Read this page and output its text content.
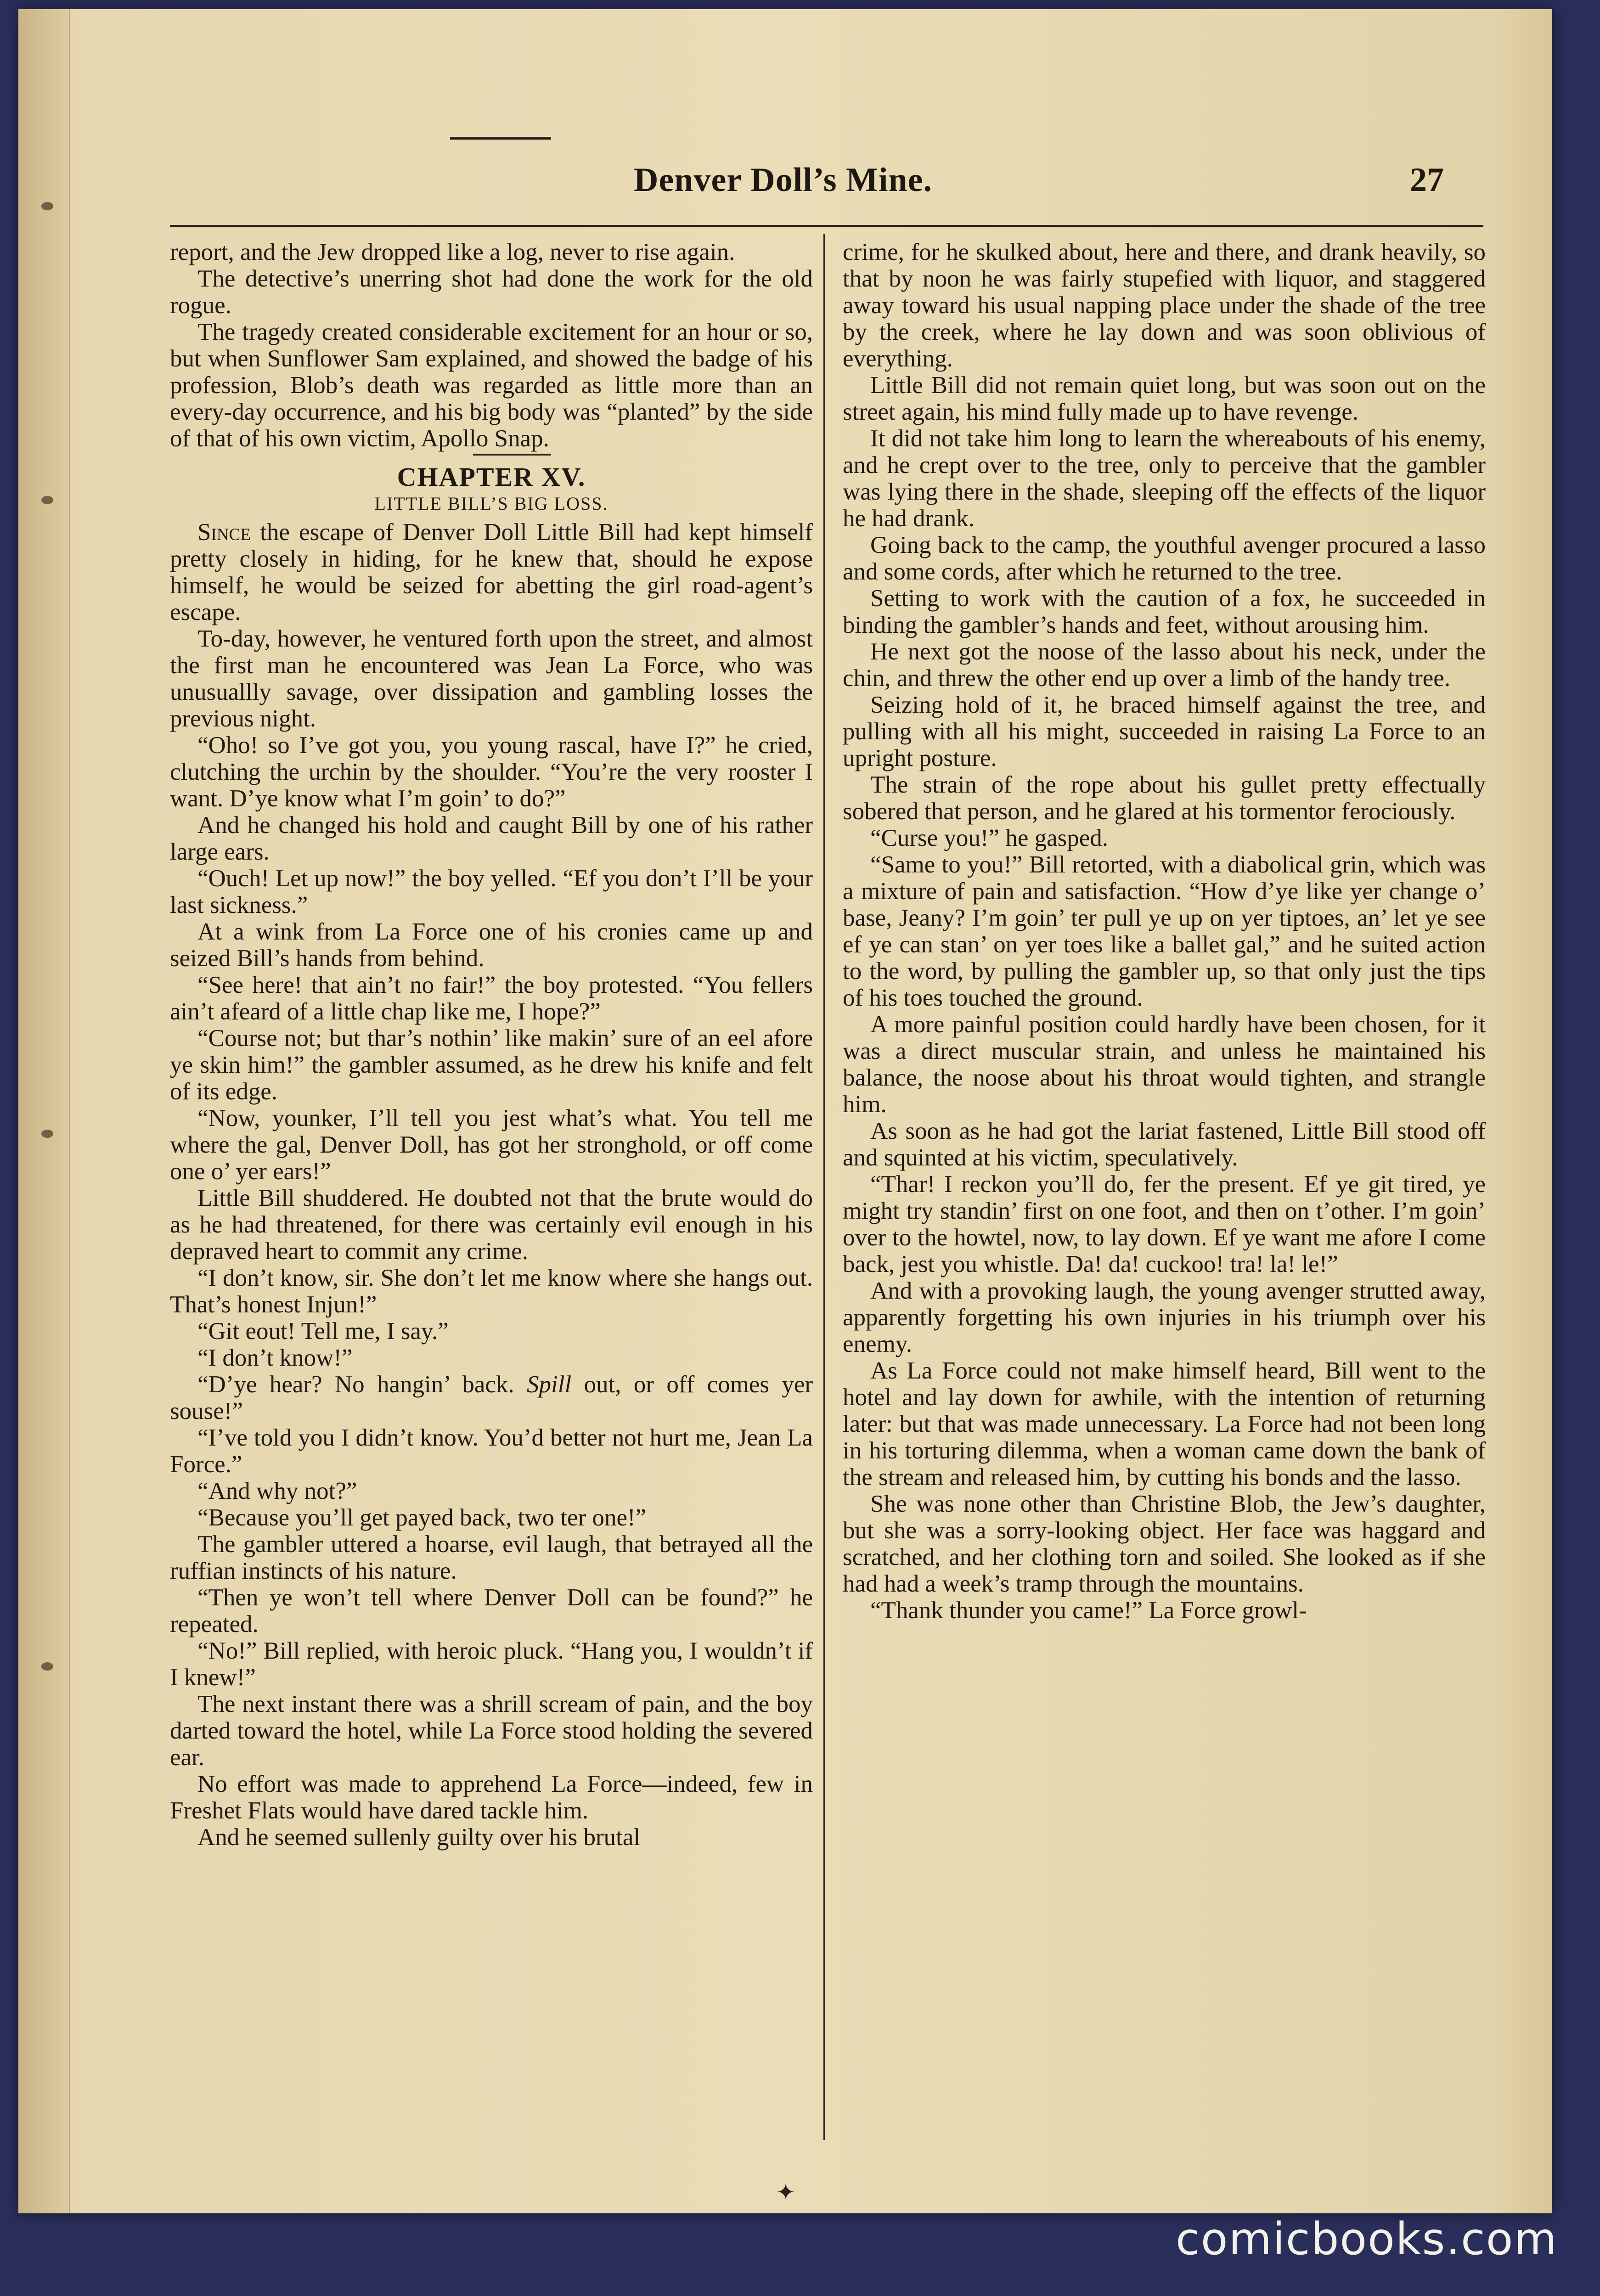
Denver Doll’s Mine.	27

report, and the Jew dropped like a log, never to rise again.

The detective’s unerring shot had done the work for the old rogue.

The tragedy created considerable excitement for an hour or so, but when Sunflower Sam explained, and showed the badge of his profession, Blob’s death was regarded as little more than an every-day occurrence, and his big body was “planted” by the side of that of his own victim, Apollo Snap.

CHAPTER XV.
LITTLE BILL’S BIG LOSS.

Since the escape of Denver Doll Little Bill had kept himself pretty closely in hiding, for he knew that, should he expose himself, he would be seized for abetting the girl road-agent’s escape.

To-day, however, he ventured forth upon the street, and almost the first man he encountered was Jean La Force, who was unusuallly savage, over dissipation and gambling losses the previous night.

“Oho! so I’ve got you, you young rascal, have I?” he cried, clutching the urchin by the shoulder. “You’re the very rooster I want. D’ye know what I’m goin’ to do?”

And he changed his hold and caught Bill by one of his rather large ears.

“Ouch! Let up now!” the boy yelled. “Ef you don’t I’ll be your last sickness.”

At a wink from La Force one of his cronies came up and seized Bill’s hands from behind.

“See here! that ain’t no fair!” the boy protested. “You fellers ain’t afeard of a little chap like me, I hope?”

“Course not; but thar’s nothin’ like makin’ sure of an eel afore ye skin him!” the gambler assumed, as he drew his knife and felt of its edge.

“Now, younker, I’ll tell you jest what’s what. You tell me where the gal, Denver Doll, has got her stronghold, or off come one o’ yer ears!”

Little Bill shuddered. He doubted not that the brute would do as he had threatened, for there was certainly evil enough in his depraved heart to commit any crime.

“I don’t know, sir. She don’t let me know where she hangs out. That’s honest Injun!”

“Git eout! Tell me, I say.”

“I don’t know!”

“D’ye hear? No hangin’ back. Spill out, or off comes yer souse!”

“I’ve told you I didn’t know. You’d better not hurt me, Jean La Force.”

“And why not?”

“Because you’ll get payed back, two ter one!”

The gambler uttered a hoarse, evil laugh, that betrayed all the ruffian instincts of his nature.

“Then ye won’t tell where Denver Doll can be found?” he repeated.

“No!” Bill replied, with heroic pluck. “Hang you, I wouldn’t if I knew!”

The next instant there was a shrill scream of pain, and the boy darted toward the hotel, while La Force stood holding the severed ear.

No effort was made to apprehend La Force—indeed, few in Freshet Flats would have dared tackle him.

And he seemed sullenly guilty over his brutal

crime, for he skulked about, here and there, and drank heavily, so that by noon he was fairly stupefied with liquor, and staggered away toward his usual napping place under the shade of the tree by the creek, where he lay down and was soon oblivious of everything.

Little Bill did not remain quiet long, but was soon out on the street again, his mind fully made up to have revenge.

It did not take him long to learn the whereabouts of his enemy, and he crept over to the tree, only to perceive that the gambler was lying there in the shade, sleeping off the effects of the liquor he had drank.

Going back to the camp, the youthful avenger procured a lasso and some cords, after which he returned to the tree.

Setting to work with the caution of a fox, he succeeded in binding the gambler’s hands and feet, without arousing him.

He next got the noose of the lasso about his neck, under the chin, and threw the other end up over a limb of the handy tree.

Seizing hold of it, he braced himself against the tree, and pulling with all his might, succeeded in raising La Force to an upright posture.

The strain of the rope about his gullet pretty effectually sobered that person, and he glared at his tormentor ferociously.

“Curse you!” he gasped.

“Same to you!” Bill retorted, with a diabolical grin, which was a mixture of pain and satisfaction. “How d’ye like yer change o’ base, Jeany? I’m goin’ ter pull ye up on yer tiptoes, an’ let ye see ef ye can stan’ on yer toes like a ballet gal,” and he suited action to the word, by pulling the gambler up, so that only just the tips of his toes touched the ground.

A more painful position could hardly have been chosen, for it was a direct muscular strain, and unless he maintained his balance, the noose about his throat would tighten, and strangle him.

As soon as he had got the lariat fastened, Little Bill stood off and squinted at his victim, speculatively.

“Thar! I reckon you’ll do, fer the present. Ef ye git tired, ye might try standin’ first on one foot, and then on t’other. I’m goin’ over to the howtel, now, to lay down. Ef ye want me afore I come back, jest you whistle. Da! da! cuckoo! tra! la! le!”

And with a provoking laugh, the young avenger strutted away, apparently forgetting his own injuries in his triumph over his enemy.

As La Force could not make himself heard, Bill went to the hotel and lay down for awhile, with the intention of returning later: but that was made unnecessary. La Force had not been long in his torturing dilemma, when a woman came down the bank of the stream and released him, by cutting his bonds and the lasso.

She was none other than Christine Blob, the Jew’s daughter, but she was a sorry-looking object. Her face was haggard and scratched, and her clothing torn and soiled. She looked as if she had had a week’s tramp through the mountains.

“Thank thunder you came!” La Force growl-

✦
comicbooks.com
